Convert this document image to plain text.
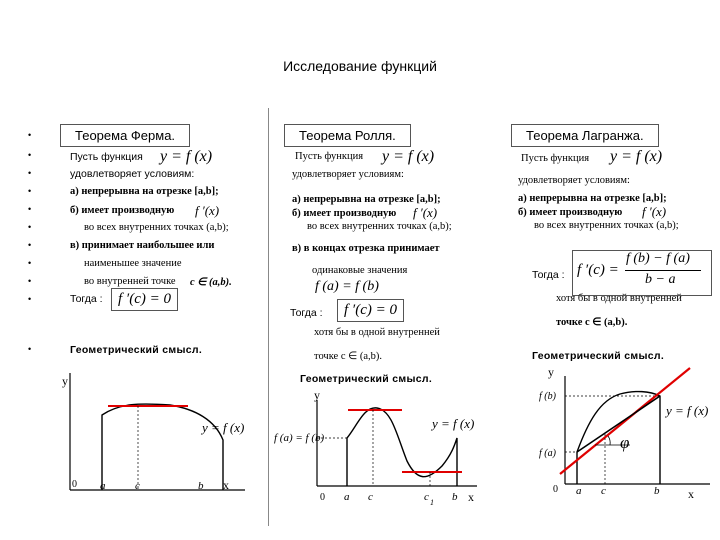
Исследование функций
•
•
•
•
•
•
•
•
•
•
•
Теорема Ферма.
Пусть функция y = f (x)
удовлетворяет условиям:
а) непрерывна на отрезке [a,b];
б) имеет производную f ′(x)
во всех внутренних точках (a,b);
в) принимает наибольшее или
наименьшее значение
во внутренней точке c ∈ (a,b).
Тогда :	f ′(c) = 0
Геометрический смысл.
y
x
0 a	c	b
y = f (x)
Теорема Ролля.
Пусть функция y = f (x)
удовлетворяет условиям:
а) непрерывна на отрезке [a,b];
б) имеет производную f ′(x)
во всех внутренних точках (a,b);
в) в концах отрезка принимает
одинаковые значения
f (a) = f (b)
Тогда :	f ′(c) = 0
хотя бы в одной внутренней
точке c ∈ (a,b).
Геометрический смысл.
y
x
0 a c	c 1 b
f (a) = f (b)
y = f (x)
Теорема Лагранжа.
Пусть функция y = f (x)
удовлетворяет условиям:
а) непрерывна на отрезке [a,b];
б) имеет производную f ′(x)
во всех внутренних точках (a,b);
Тогда : f ′(c) =
f (b) − f (a)
b − a
хотя бы в одной внутренней
точке c ∈ (a,b).
Геометрический смысл.
y
x
0 a c	b
f (b)
f (a)
φ
y = f (x)
